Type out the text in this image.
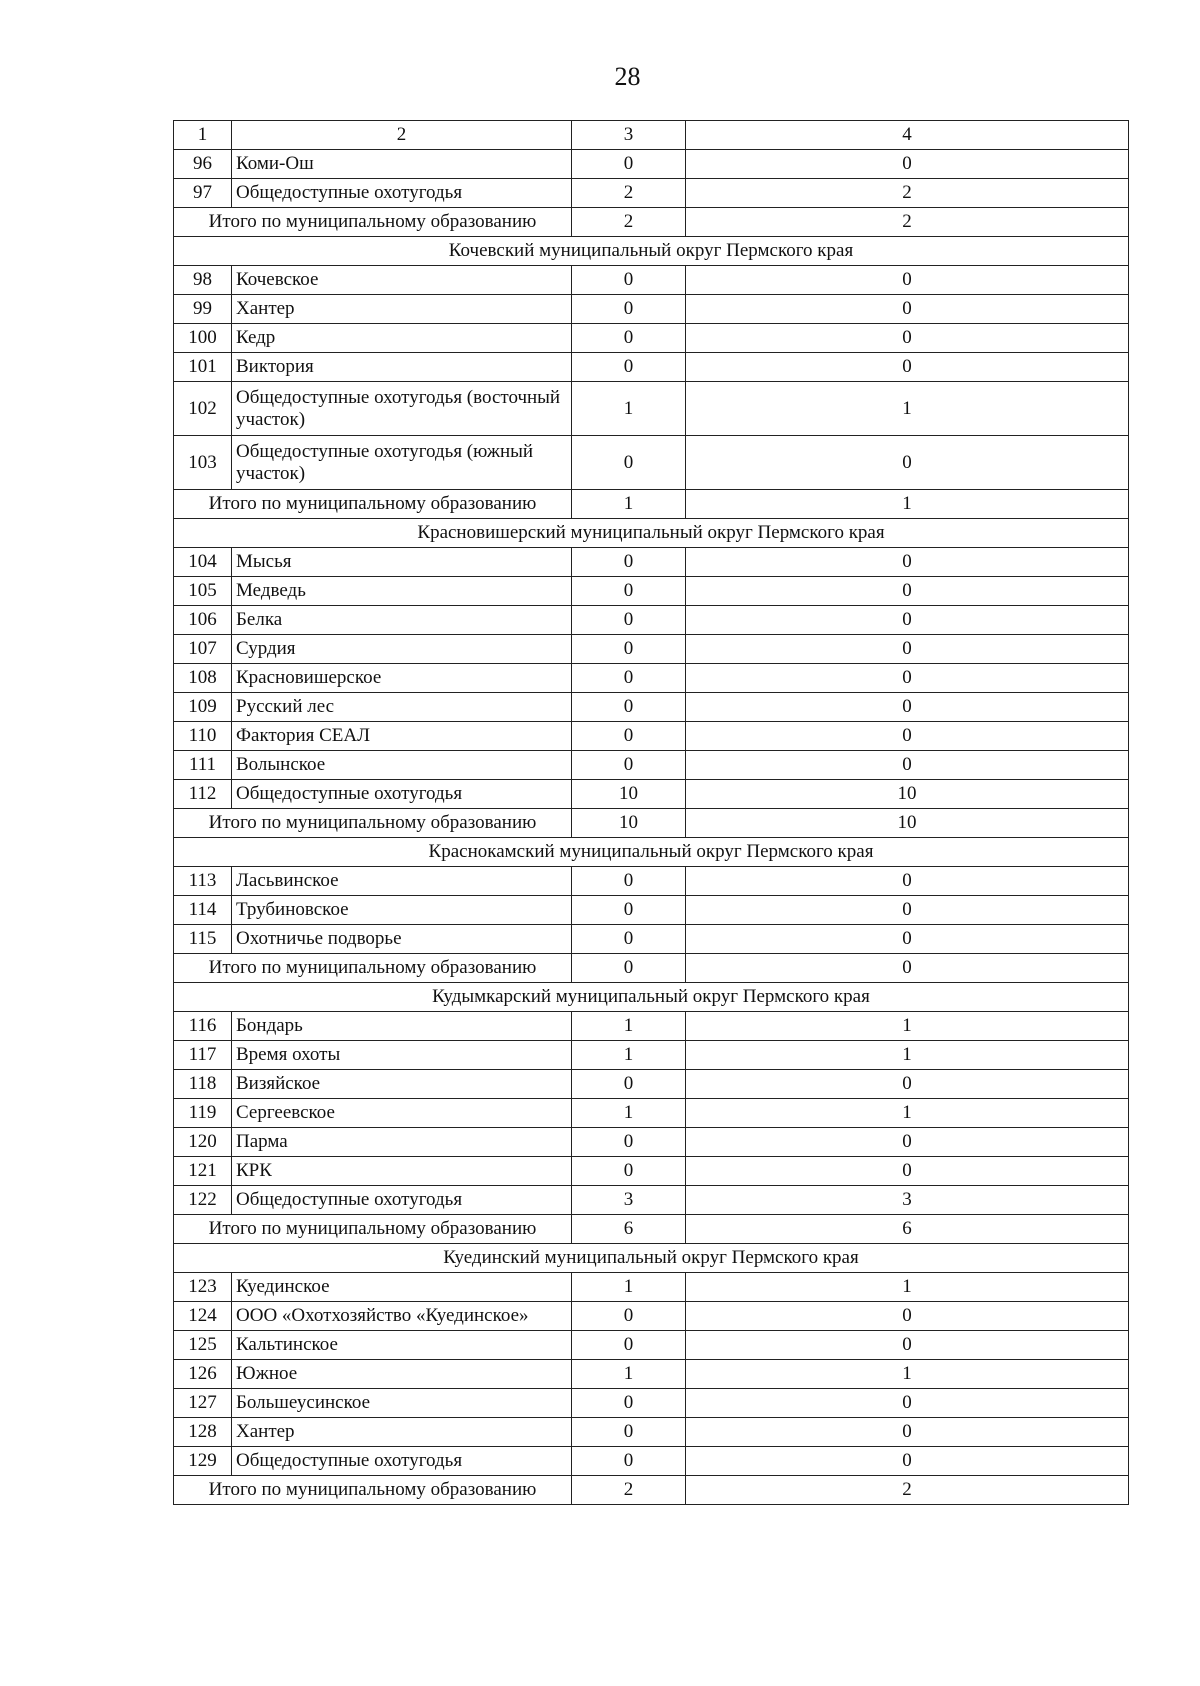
28
1	2	3	4
96	Коми-Ош	0	0
97	Общедоступные охотугодья	2	2
Итого по муниципальному образованию		2	2
Кочевский муниципальный округ Пермского края			
98	Кочевское	0	0
99	Хантер	0	0
100	Кедр	0	0
101	Виктория	0	0
102	Общедоступные охотугодья (восточный участок)	1	1
103	Общедоступные охотугодья (южный участок)	0	0
Итого по муниципальному образованию		1	1
Красновишерский муниципальный округ Пермского края			
104	Мысья	0	0
105	Медведь	0	0
106	Белка	0	0
107	Сурдия	0	0
108	Красновишерское	0	0
109	Русский лес	0	0
110	Фактория СЕАЛ	0	0
111	Волынское	0	0
112	Общедоступные охотугодья	10	10
Итого по муниципальному образованию		10	10
Краснокамский муниципальный округ Пермского края			
113	Ласьвинское	0	0
114	Трубиновское	0	0
115	Охотничье подворье	0	0
Итого по муниципальному образованию		0	0
Кудымкарский муниципальный округ Пермского края			
116	Бондарь	1	1
117	Время охоты	1	1
118	Визяйское	0	0
119	Сергеевское	1	1
120	Парма	0	0
121	КРК	0	0
122	Общедоступные охотугодья	3	3
Итого по муниципальному образованию		6	6
Куединский муниципальный округ Пермского края			
123	Куединское	1	1
124	ООО «Охотхозяйство «Куединское»	0	0
125	Кальтинское	0	0
126	Южное	1	1
127	Большеусинское	0	0
128	Хантер	0	0
129	Общедоступные охотугодья	0	0
Итого по муниципальному образованию		2	2
